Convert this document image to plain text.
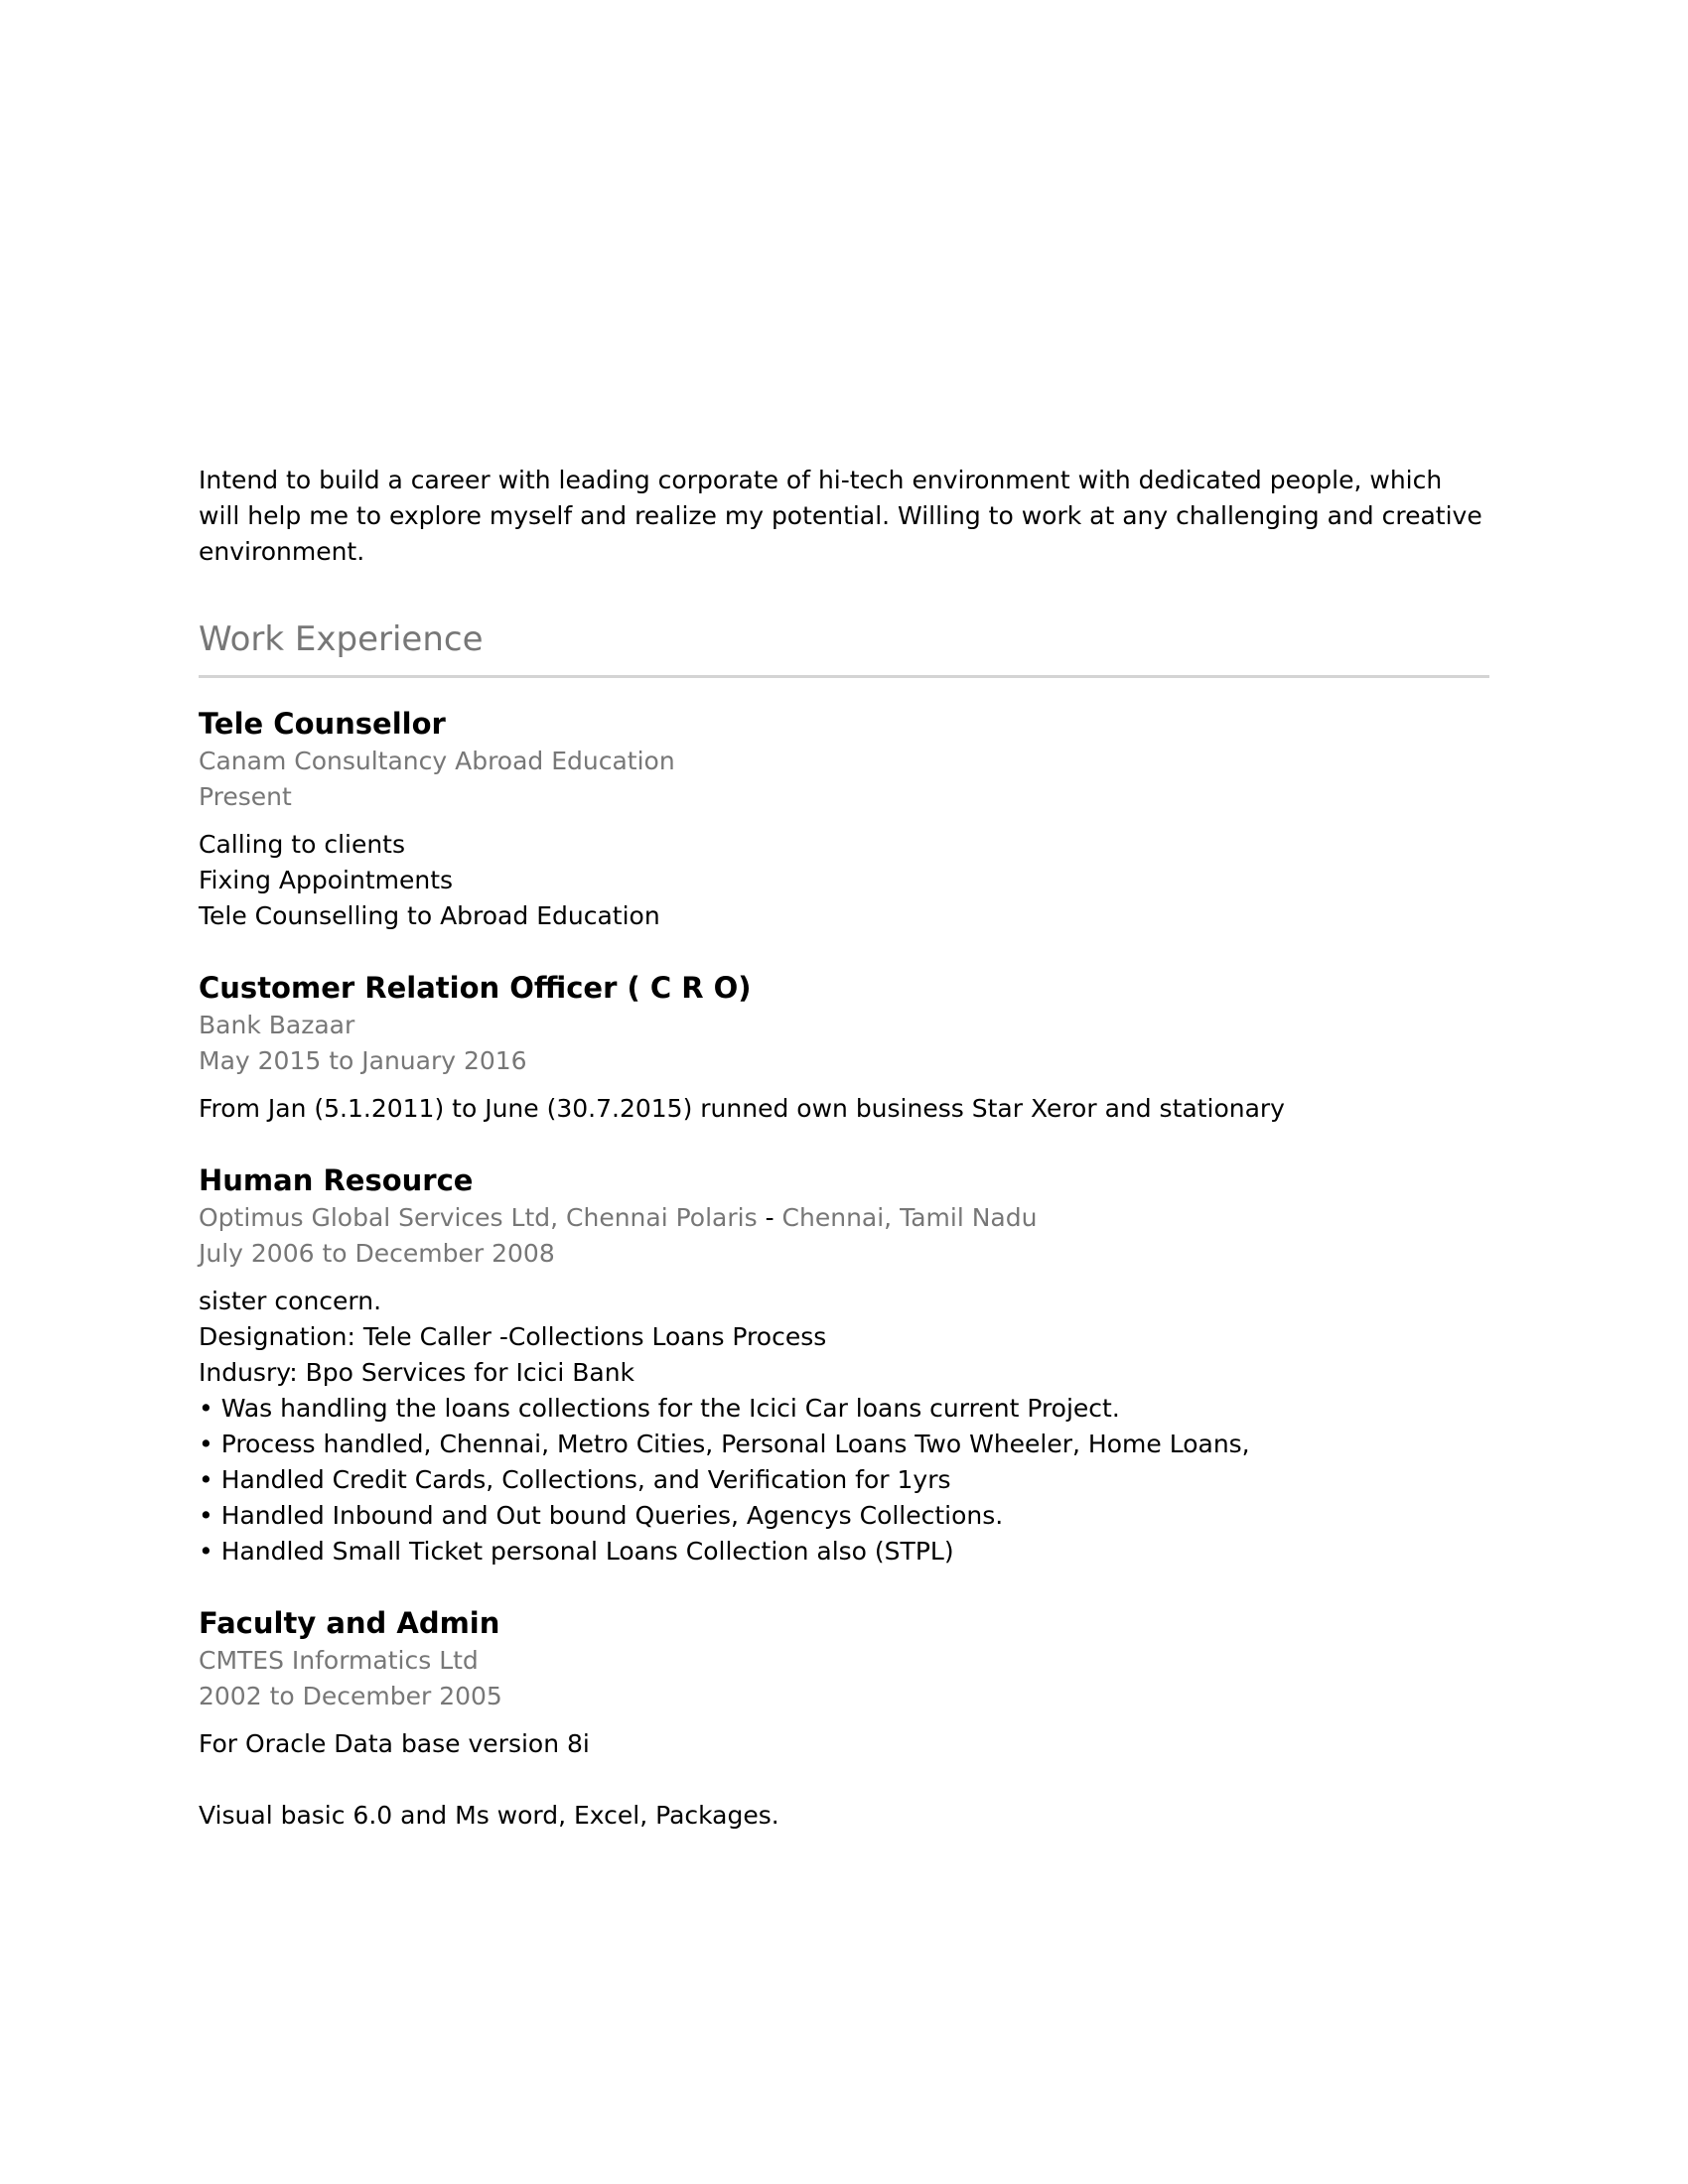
Intend to build a career with leading corporate of hi-tech environment with dedicated people, which will help me to explore myself and realize my potential. Willing to work at any challenging and creative environment.

Work Experience
Tele Counsellor
Canam Consultancy Abroad Education
Present
Calling to clients
Fixing Appointments
Tele Counselling to Abroad Education
Customer Relation Officer ( C R O)
Bank Bazaar
May 2015 to January 2016
From Jan (5.1.2011) to June (30.7.2015) runned own business Star Xeror and stationary
Human Resource
Optimus Global Services Ltd, Chennai Polaris - Chennai, Tamil Nadu
July 2006 to December 2008
sister concern.
Designation: Tele Caller -Collections Loans Process
Indusry: Bpo Services for Icici Bank
• Was handling the loans collections for the Icici Car loans current Project.
• Process handled, Chennai, Metro Cities, Personal Loans Two Wheeler, Home Loans,
• Handled Credit Cards, Collections, and Verification for 1yrs
• Handled Inbound and Out bound Queries, Agencys Collections.
• Handled Small Ticket personal Loans Collection also (STPL)
Faculty and Admin
CMTES Informatics Ltd
2002 to December 2005
For Oracle Data base version 8i
Visual basic 6.0 and Ms word, Excel, Packages.
